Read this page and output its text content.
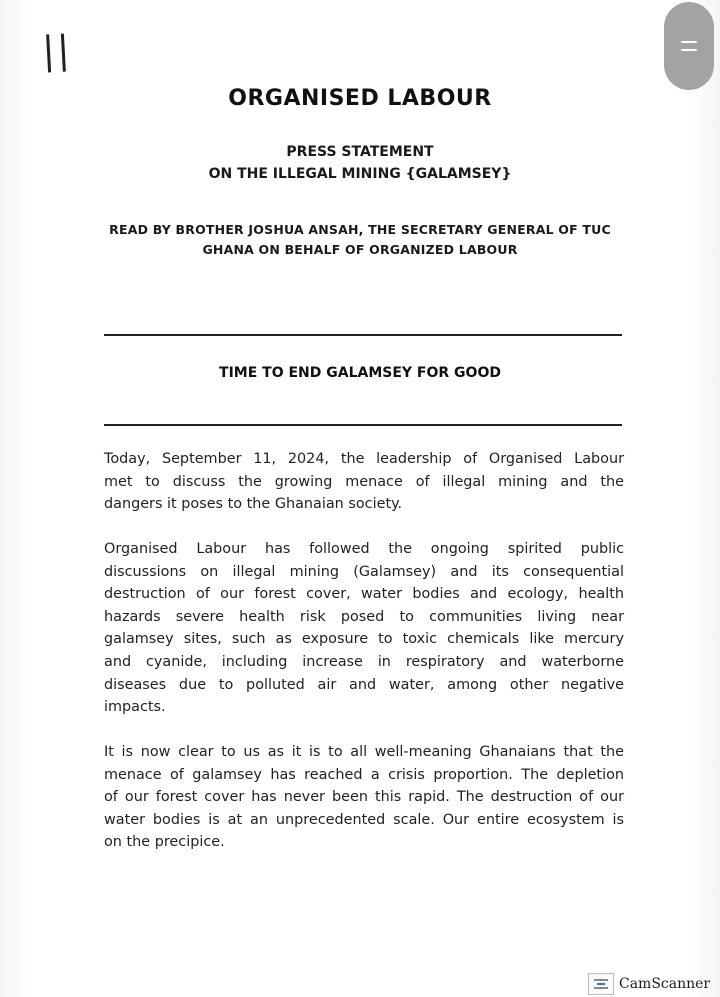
||
ORGANISED LABOUR
PRESS STATEMENT
ON THE ILLEGAL MINING {GALAMSEY}
READ BY BROTHER JOSHUA ANSAH, THE SECRETARY GENERAL OF TUC
GHANA ON BEHALF OF ORGANIZED LABOUR
TIME TO END GALAMSEY FOR GOOD
Today, September 11, 2024, the leadership of Organised Labour
met to discuss the growing menace of illegal mining and the
dangers it poses to the Ghanaian society.
Organised Labour has followed the ongoing spirited public
discussions on illegal mining (Galamsey) and its consequential
destruction of our forest cover, water bodies and ecology, health
hazards severe health risk posed to communities living near
galamsey sites, such as exposure to toxic chemicals like mercury
and cyanide, including increase in respiratory and waterborne
diseases due to polluted air and water, among other negative
impacts.
It is now clear to us as it is to all well-meaning Ghanaians that the
menace of galamsey has reached a crisis proportion. The depletion
of our forest cover has never been this rapid. The destruction of our
water bodies is at an unprecedented scale. Our entire ecosystem is
on the precipice.
CamScanner
